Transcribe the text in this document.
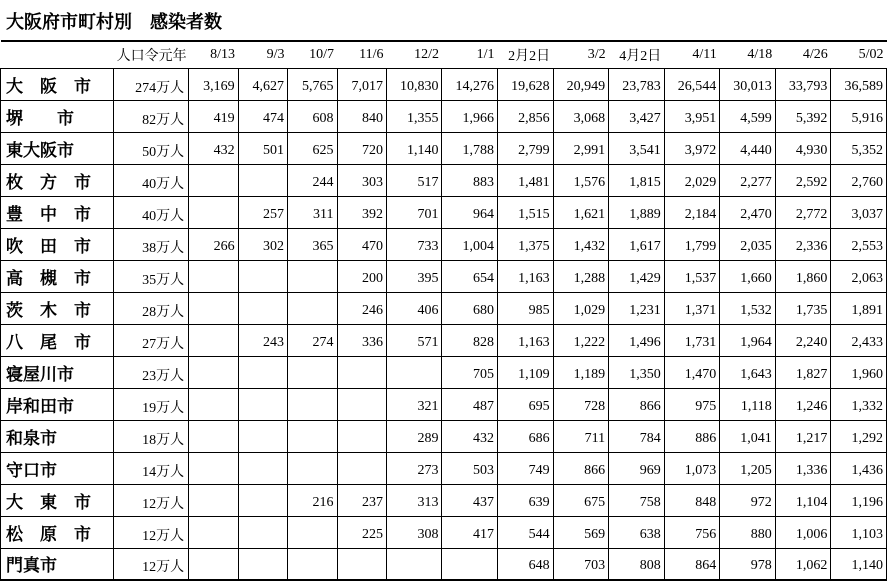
大阪府市町村別　感染者数
	人口令元年	8/13	9/3	10/7	11/6	12/2	1/1	2月2日	3/2	4月2日	4/11	4/18	4/26	5/02
大　阪　市	274万人	3,169	4,627	5,765	7,017	10,830	14,276	19,628	20,949	23,783	26,544	30,013	33,793	36,589
堺　　市	82万人	419	474	608	840	1,355	1,966	2,856	3,068	3,427	3,951	4,599	5,392	5,916
東大阪市	50万人	432	501	625	720	1,140	1,788	2,799	2,991	3,541	3,972	4,440	4,930	5,352
枚　方　市	40万人			244	303	517	883	1,481	1,576	1,815	2,029	2,277	2,592	2,760
豊　中　市	40万人		257	311	392	701	964	1,515	1,621	1,889	2,184	2,470	2,772	3,037
吹　田　市	38万人	266	302	365	470	733	1,004	1,375	1,432	1,617	1,799	2,035	2,336	2,553
高　槻　市	35万人				200	395	654	1,163	1,288	1,429	1,537	1,660	1,860	2,063
茨　木　市	28万人				246	406	680	985	1,029	1,231	1,371	1,532	1,735	1,891
八　尾　市	27万人		243	274	336	571	828	1,163	1,222	1,496	1,731	1,964	2,240	2,433
寝屋川市	23万人						705	1,109	1,189	1,350	1,470	1,643	1,827	1,960
岸和田市	19万人					321	487	695	728	866	975	1,118	1,246	1,332
和泉市	18万人					289	432	686	711	784	886	1,041	1,217	1,292
守口市	14万人					273	503	749	866	969	1,073	1,205	1,336	1,436
大　東　市	12万人			216	237	313	437	639	675	758	848	972	1,104	1,196
松　原　市	12万人				225	308	417	544	569	638	756	880	1,006	1,103
門真市	12万人							648	703	808	864	978	1,062	1,140
